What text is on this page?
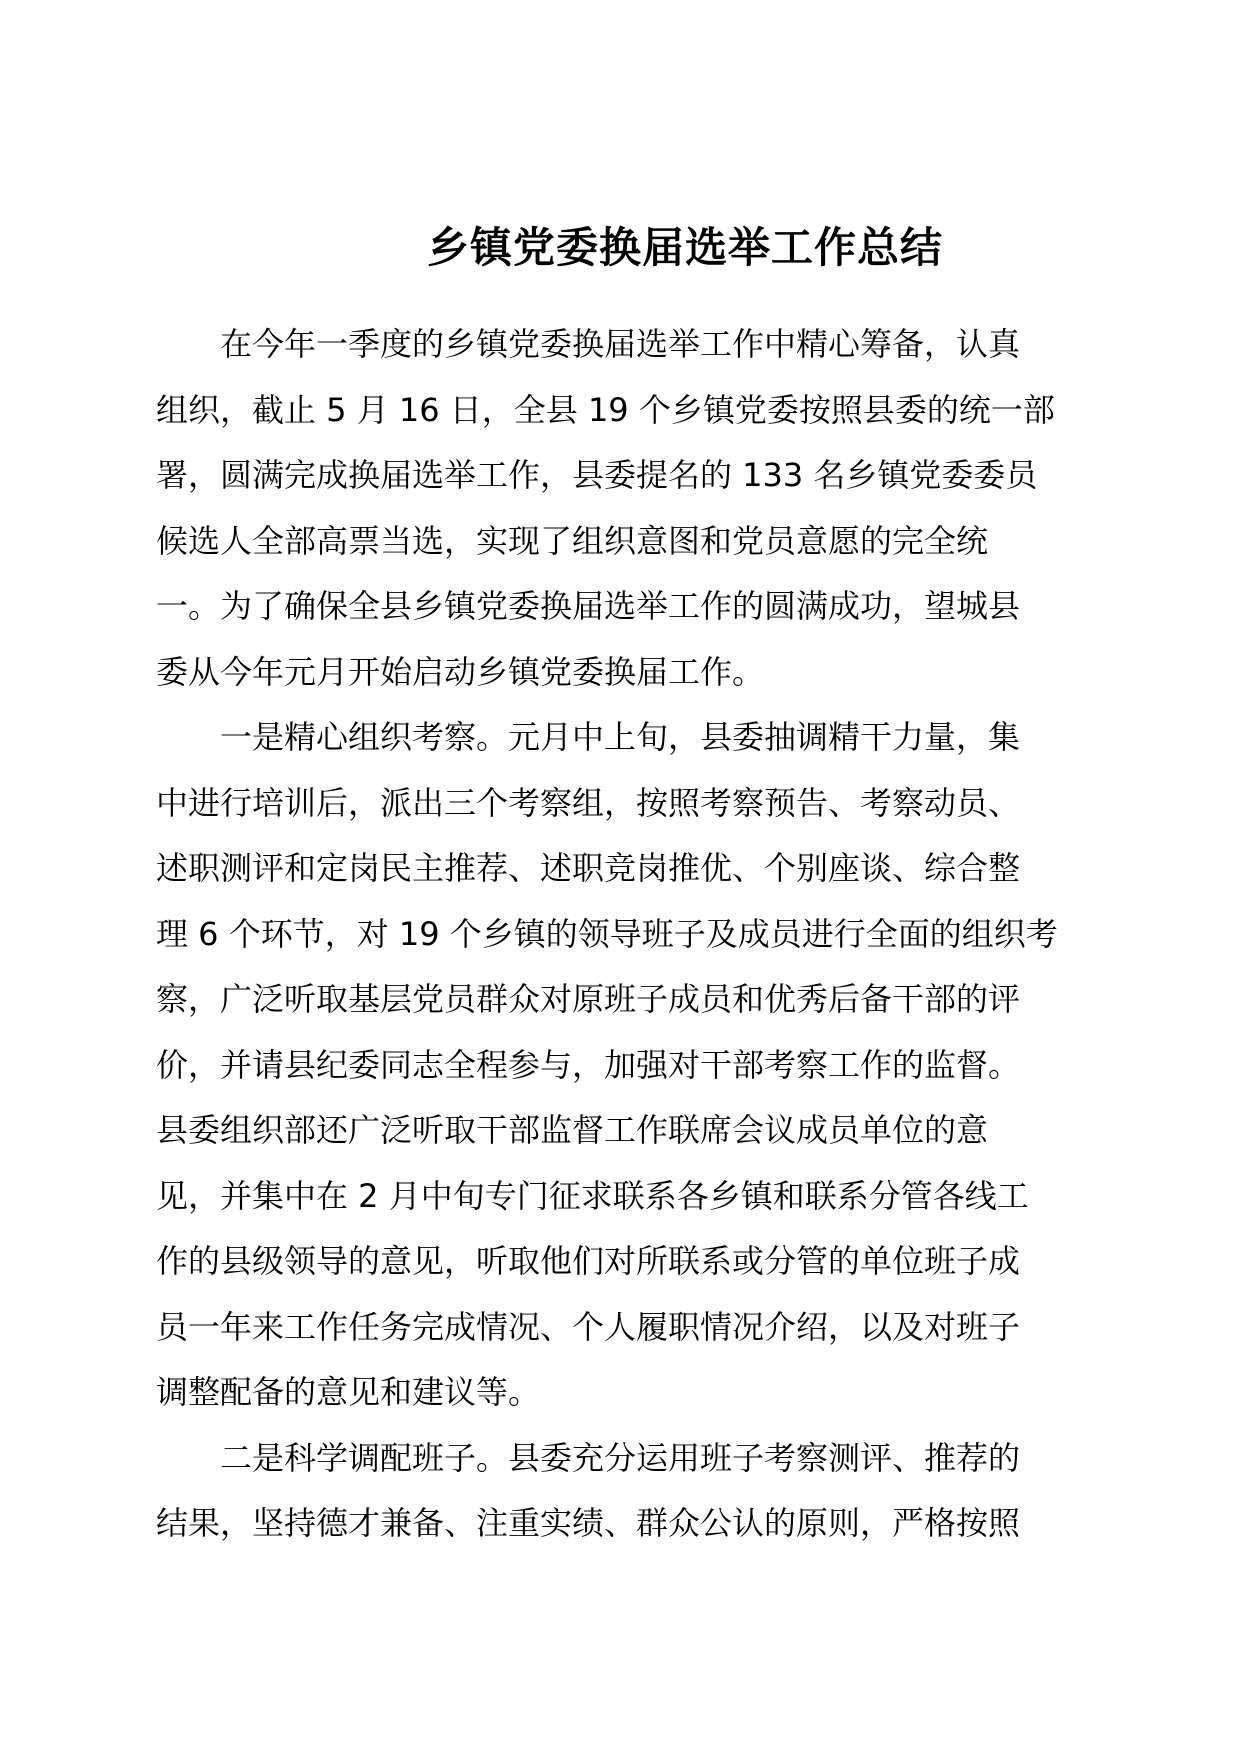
乡镇党委换届选举工作总结

在今年一季度的乡镇党委换届选举工作中精心筹备，认真
组织，截止 5 月 16 日，全县 19 个乡镇党委按照县委的统一部
署，圆满完成换届选举工作，县委提名的 133 名乡镇党委委员
候选人全部高票当选，实现了组织意图和党员意愿的完全统
一。为了确保全县乡镇党委换届选举工作的圆满成功，望城县
委从今年元月开始启动乡镇党委换届工作。

一是精心组织考察。元月中上旬，县委抽调精干力量，集
中进行培训后，派出三个考察组，按照考察预告、考察动员、
述职测评和定岗民主推荐、述职竞岗推优、个别座谈、综合整
理 6 个环节，对 19 个乡镇的领导班子及成员进行全面的组织考
察，广泛听取基层党员群众对原班子成员和优秀后备干部的评
价，并请县纪委同志全程参与，加强对干部考察工作的监督。
县委组织部还广泛听取干部监督工作联席会议成员单位的意
见，并集中在 2 月中旬专门征求联系各乡镇和联系分管各线工
作的县级领导的意见，听取他们对所联系或分管的单位班子成
员一年来工作任务完成情况、个人履职情况介绍，以及对班子
调整配备的意见和建议等。

二是科学调配班子。县委充分运用班子考察测评、推荐的
结果，坚持德才兼备、注重实绩、群众公认的原则，严格按照
